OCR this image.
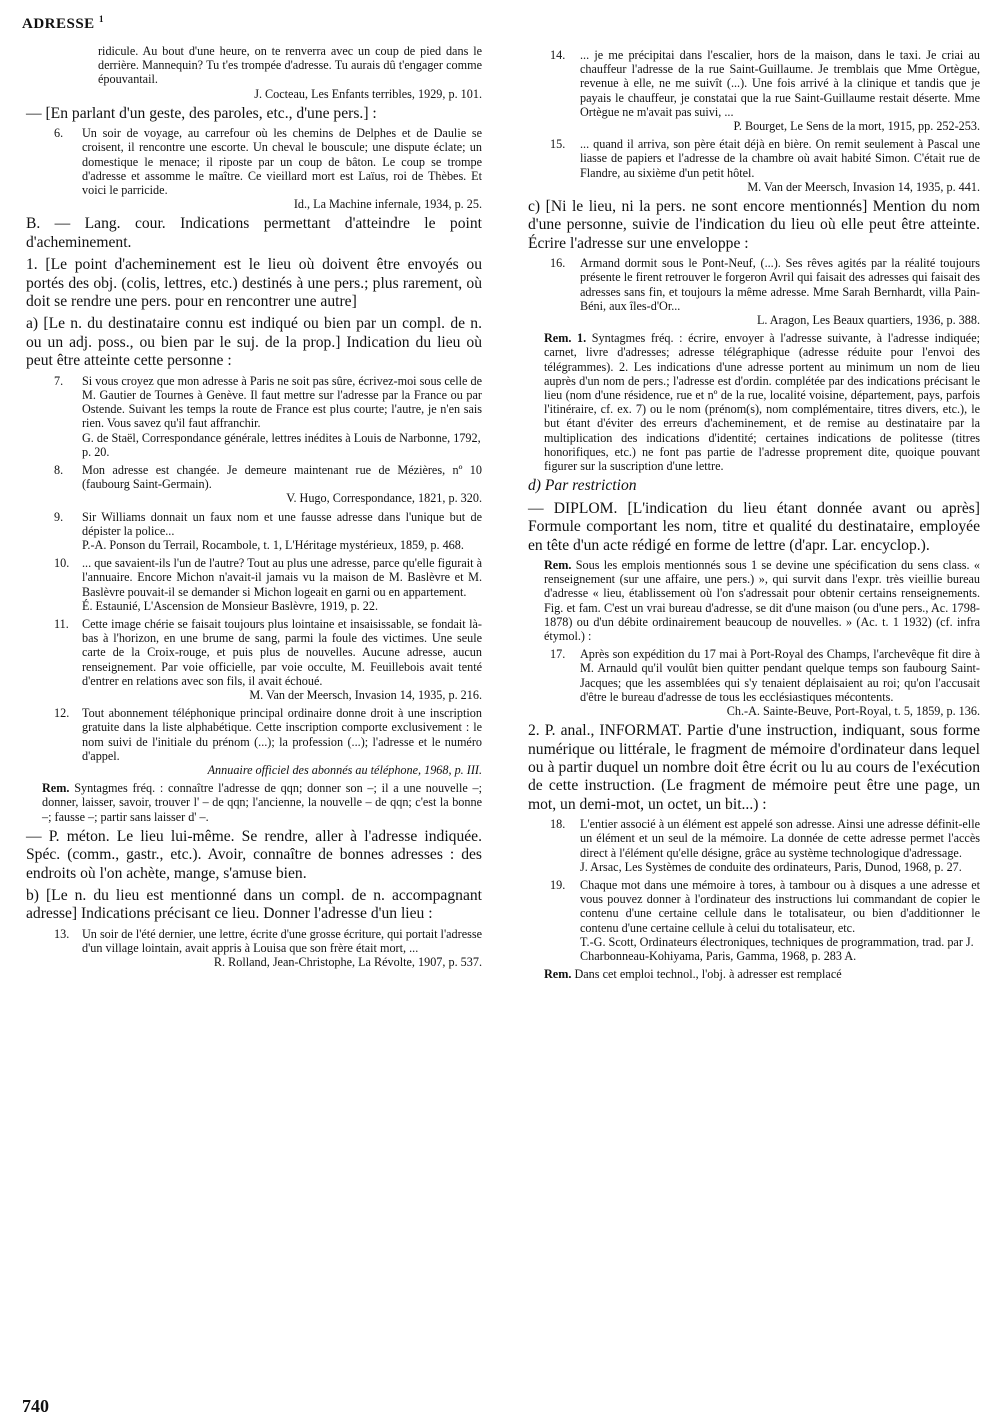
ADRESSE $^1$
ridicule. Au bout d'une heure, on te renverra avec un coup de pied dans le derrière. Mannequin? Tu t'es trompée d'adresse. Tu aurais dû t'engager comme épouvantail.
J. Cocteau, Les Enfants terribles, 1929, p. 101.

— [En parlant d'un geste, des paroles, etc., d'une pers.] :

6. Un soir de voyage, au carrefour où les chemins de Delphes et de Daulie se croisent, il rencontre une escorte. Un cheval le bouscule; une dispute éclate; un domestique le menace; il riposte par un coup de bâton. Le coup se trompe d'adresse et assomme le maître. Ce vieillard mort est Laïus, roi de Thèbes. Et voici le parricide.
Id., La Machine infernale, 1934, p. 25.

B. — Lang. cour. Indications permettant d'atteindre le point d'acheminement.

1. [Le point d'acheminement est le lieu où doivent être envoyés ou portés des obj. (colis, lettres, etc.) destinés à une pers.; plus rarement, où doit se rendre une pers. pour en rencontrer une autre]

a) [Le n. du destinataire connu est indiqué ou bien par un compl. de n. ou un adj. poss., ou bien par le suj. de la prop.] Indication du lieu où peut être atteinte cette personne :

7. Si vous croyez que mon adresse à Paris ne soit pas sûre, écrivez-moi sous celle de M. Gautier de Tournes à Genève. Il faut mettre sur l'adresse par la France ou par Ostende. Suivant les temps la route de France est plus courte; l'autre, je n'en sais rien. Vous savez qu'il faut affranchir.
G. de Staël, Correspondance générale, lettres inédites à Louis de Narbonne, 1792, p. 20.
8. Mon adresse est changée. Je demeure maintenant rue de Mézières, nº 10 (faubourg Saint-Germain).
V. Hugo, Correspondance, 1821, p. 320.
9. Sir Williams donnait un faux nom et une fausse adresse dans l'unique but de dépister la police...
P.-A. Ponson du Terrail, Rocambole, t. 1, L'Héritage mystérieux, 1859, p. 468.
10. ... que savaient-ils l'un de l'autre? Tout au plus une adresse, parce qu'elle figurait à l'annuaire. Encore Michon n'avait-il jamais vu la maison de M. Baslèvre et M. Baslèvre pouvait-il se demander si Michon logeait en garni ou en appartement.
É. Estaunié, L'Ascension de Monsieur Baslèvre, 1919, p. 22.
11. Cette image chérie se faisait toujours plus lointaine et insaisissable, se fondait là-bas à l'horizon, en une brume de sang, parmi la foule des victimes. Une seule carte de la Croix-rouge, et puis plus de nouvelles. Aucune adresse, aucun renseignement. Par voie officielle, par voie occulte, M. Feuillebois avait tenté d'entrer en relations avec son fils, il avait échoué.
M. Van der Meersch, Invasion 14, 1935, p. 216.
12. Tout abonnement téléphonique principal ordinaire donne droit à une inscription gratuite dans la liste alphabétique. Cette inscription comporte exclusivement : le nom suivi de l'initiale du prénom (...); la profession (...); l'adresse et le numéro d'appel.
Annuaire officiel des abonnés au téléphone, 1968, p. III.
Rem. Syntagmes fréq. : connaître l'adresse de qqn; donner son –; il a une nouvelle –; donner, laisser, savoir, trouver l' – de qqn; l'ancienne, la nouvelle – de qqn; c'est la bonne –; fausse –; partir sans laisser d' –.

— P. méton. Le lieu lui-même. Se rendre, aller à l'adresse indiquée. Spéc. (comm., gastr., etc.). Avoir, connaître de bonnes adresses : des endroits où l'on achète, mange, s'amuse bien.

b) [Le n. du lieu est mentionné dans un compl. de n. accompagnant adresse] Indications précisant ce lieu. Donner l'adresse d'un lieu :

13. Un soir de l'été dernier, une lettre, écrite d'une grosse écriture, qui portait l'adresse d'un village lointain, avait appris à Louisa que son frère était mort, ...
R. Rolland, Jean-Christophe, La Révolte, 1907, p. 537.
14. ... je me précipitai dans l'escalier, hors de la maison, dans le taxi. Je criai au chauffeur l'adresse de la rue Saint-Guillaume. Je tremblais que Mme Ortègue, revenue à elle, ne me suivît (...). Une fois arrivé à la clinique et tandis que je payais le chauffeur, je constatai que la rue Saint-Guillaume restait déserte. Mme Ortègue ne m'avait pas suivi, ...
P. Bourget, Le Sens de la mort, 1915, pp. 252-253.
15. ... quand il arriva, son père était déjà en bière. On remit seulement à Pascal une liasse de papiers et l'adresse de la chambre où avait habité Simon. C'était rue de Flandre, au sixième d'un petit hôtel.
M. Van der Meersch, Invasion 14, 1935, p. 441.

c) [Ni le lieu, ni la pers. ne sont encore mentionnés] Mention du nom d'une personne, suivie de l'indication du lieu où elle peut être atteinte. Écrire l'adresse sur une enveloppe :

16. Armand dormit sous le Pont-Neuf, (...). Ses rêves agités par la réalité toujours présente le firent retrouver le forgeron Avril qui faisait des adresses qui faisait des adresses sans fin, et toujours la même adresse. Mme Sarah Bernhardt, villa Pain-Béni, aux îles-d'Or...
L. Aragon, Les Beaux quartiers, 1936, p. 388.
Rem. 1. Syntagmes fréq. : écrire, envoyer à l'adresse suivante, à l'adresse indiquée; carnet, livre d'adresses; adresse télégraphique (adresse réduite pour l'envoi des télégrammes). 2. Les indications d'une adresse portent au minimum un nom de lieu auprès d'un nom de pers.; l'adresse est d'ordin. complétée par des indications précisant le lieu (nom d'une résidence, rue et nº de la rue, localité voisine, département, pays, parfois l'itinéraire, cf. ex. 7) ou le nom (prénom(s), nom complémentaire, titres divers, etc.), le but étant d'éviter des erreurs d'acheminement, et de remise au destinataire par la multiplication des indications d'identité; certaines indications de politesse (titres honorifiques, etc.) ne font pas partie de l'adresse proprement dite, quoique pouvant figurer sur la suscription d'une lettre.

d) Par restriction

— DIPLOM. [L'indication du lieu étant donnée avant ou après] Formule comportant les nom, titre et qualité du destinataire, employée en tête d'un acte rédigé en forme de lettre (d'apr. Lar. encyclop.).

Rem. Sous les emplois mentionnés sous 1 se devine une spécification du sens class. « renseignement (sur une affaire, une pers.) », qui survit dans l'expr. très vieillie bureau d'adresse « lieu, établissement où l'on s'adressait pour obtenir certains renseignements. Fig. et fam. C'est un vrai bureau d'adresse, se dit d'une maison (ou d'une pers., Ac. 1798-1878) ou d'un débite ordinairement beaucoup de nouvelles. » (Ac. t. 1 1932) (cf. infra étymol.) :
17. Après son expédition du 17 mai à Port-Royal des Champs, l'archevêque fit dire à M. Arnauld qu'il voulût bien quitter pendant quelque temps son faubourg Saint-Jacques; que les assemblées qui s'y tenaient déplaisaient au roi; qu'on l'accusait d'être le bureau d'adresse de tous les ecclésiastiques mécontents.
Ch.-A. Sainte-Beuve, Port-Royal, t. 5, 1859, p. 136.

2. P. anal., INFORMAT. Partie d'une instruction, indiquant, sous forme numérique ou littérale, le fragment de mémoire d'ordinateur dans lequel ou à partir duquel un nombre doit être écrit ou lu au cours de l'exécution de cette instruction. (Le fragment de mémoire peut être une page, un mot, un demi-mot, un octet, un bit...) :

18. L'entier associé à un élément est appelé son adresse. Ainsi une adresse définit-elle un élément et un seul de la mémoire. La donnée de cette adresse permet l'accès direct à l'élément qu'elle désigne, grâce au système technologique d'adressage.
J. Arsac, Les Systèmes de conduite des ordinateurs, Paris, Dunod, 1968, p. 27.
19. Chaque mot dans une mémoire à tores, à tambour ou à disques a une adresse et vous pouvez donner à l'ordinateur des instructions lui commandant de copier le contenu d'une certaine cellule dans le totalisateur, ou bien d'additionner le contenu d'une certaine cellule à celui du totalisateur, etc.
T.-G. Scott, Ordinateurs électroniques, techniques de programmation, trad. par J. Charbonneau-Kohiyama, Paris, Gamma, 1968, p. 283 A.
Rem. Dans cet emploi technol., l'obj. à adresser est remplacé
740
